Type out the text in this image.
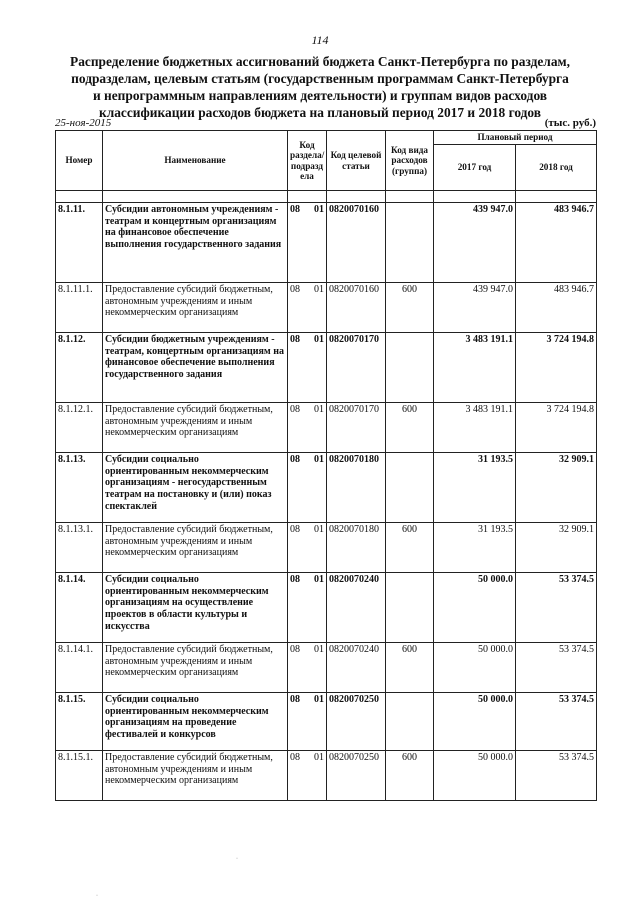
114
Распределение бюджетных ассигнований бюджета Санкт-Петербурга по разделам,
подразделам, целевым статьям (государственным программам Санкт-Петербурга
и непрограммным направлениям деятельности) и группам видов расходов
классификации расходов бюджета на плановый период 2017 и 2018 годов
25-ноя-2015	(тыс. руб.)
Номер	Наименование	Код раздела/ подразд ела	Код целевой статьи	Код вида расходов (группа)	Плановый период	
					2017 год	2018 год

8.1.11.	Субсидии автономным учреждениям - театрам и концертным организациям на финансовое обеспечение выполнения государственного задания	08 01	0820070160		439 947.0	483 946.7
8.1.11.1.	Предоставление субсидий бюджетным, автономным учреждениям и иным некоммерческим организациям	08 01	0820070160	600	439 947.0	483 946.7
8.1.12.	Субсидии бюджетным учреждениям - театрам, концертным организациям на финансовое обеспечение выполнения государственного задания	08 01	0820070170		3 483 191.1	3 724 194.8
8.1.12.1.	Предоставление субсидий бюджетным, автономным учреждениям и иным некоммерческим организациям	08 01	0820070170	600	3 483 191.1	3 724 194.8
8.1.13.	Субсидии социально ориентированным некоммерческим организациям - негосударственным театрам на постановку и (или) показ спектаклей	08 01	0820070180		31 193.5	32 909.1
8.1.13.1.	Предоставление субсидий бюджетным, автономным учреждениям и иным некоммерческим организациям	08 01	0820070180	600	31 193.5	32 909.1
8.1.14.	Субсидии социально ориентированным некоммерческим организациям на осуществление проектов в области культуры и искусства	08 01	0820070240		50 000.0	53 374.5
8.1.14.1.	Предоставление субсидий бюджетным, автономным учреждениям и иным некоммерческим организациям	08 01	0820070240	600	50 000.0	53 374.5
8.1.15.	Субсидии социально ориентированным некоммерческим организациям на проведение фестивалей и конкурсов	08 01	0820070250		50 000.0	53 374.5
8.1.15.1.	Предоставление субсидий бюджетным, автономным учреждениям и иным некоммерческим организациям	08 01	0820070250	600	50 000.0	53 374.5
·
·
